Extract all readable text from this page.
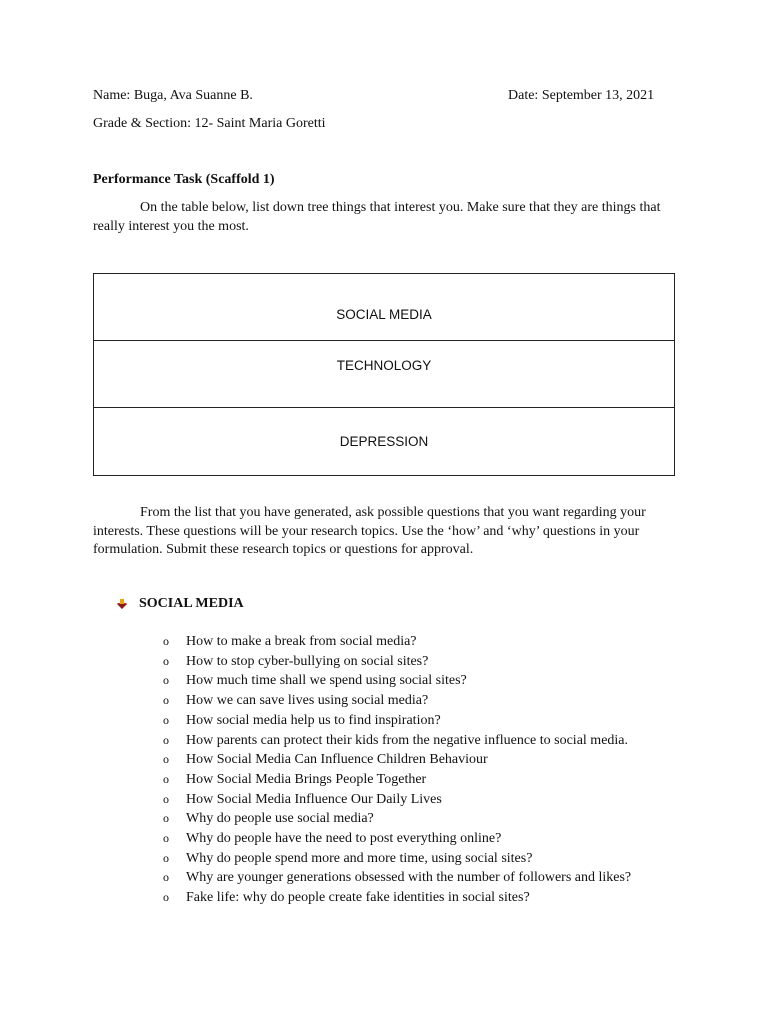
Name: Buga, Ava Suanne B.	Date: September 13, 2021
Grade & Section: 12- Saint Maria Goretti
Performance Task (Scaffold 1)
On the table below, list down tree things that interest you. Make sure that they are things that really interest you the most.
SOCIAL MEDIA
TECHNOLOGY
DEPRESSION
From the list that you have generated, ask possible questions that you want regarding your interests. These questions will be your research topics. Use the ‘how’ and ‘why’ questions in your formulation. Submit these research topics or questions for approval.
SOCIAL MEDIA
o How to make a break from social media?
o How to stop cyber-bullying on social sites?
o How much time shall we spend using social sites?
o How we can save lives using social media?
o How social media help us to find inspiration?
o How parents can protect their kids from the negative influence to social media.
o How Social Media Can Influence Children Behaviour
o How Social Media Brings People Together
o How Social Media Influence Our Daily Lives
o Why do people use social media?
o Why do people have the need to post everything online?
o Why do people spend more and more time, using social sites?
o Why are younger generations obsessed with the number of followers and likes?
o Fake life: why do people create fake identities in social sites?
